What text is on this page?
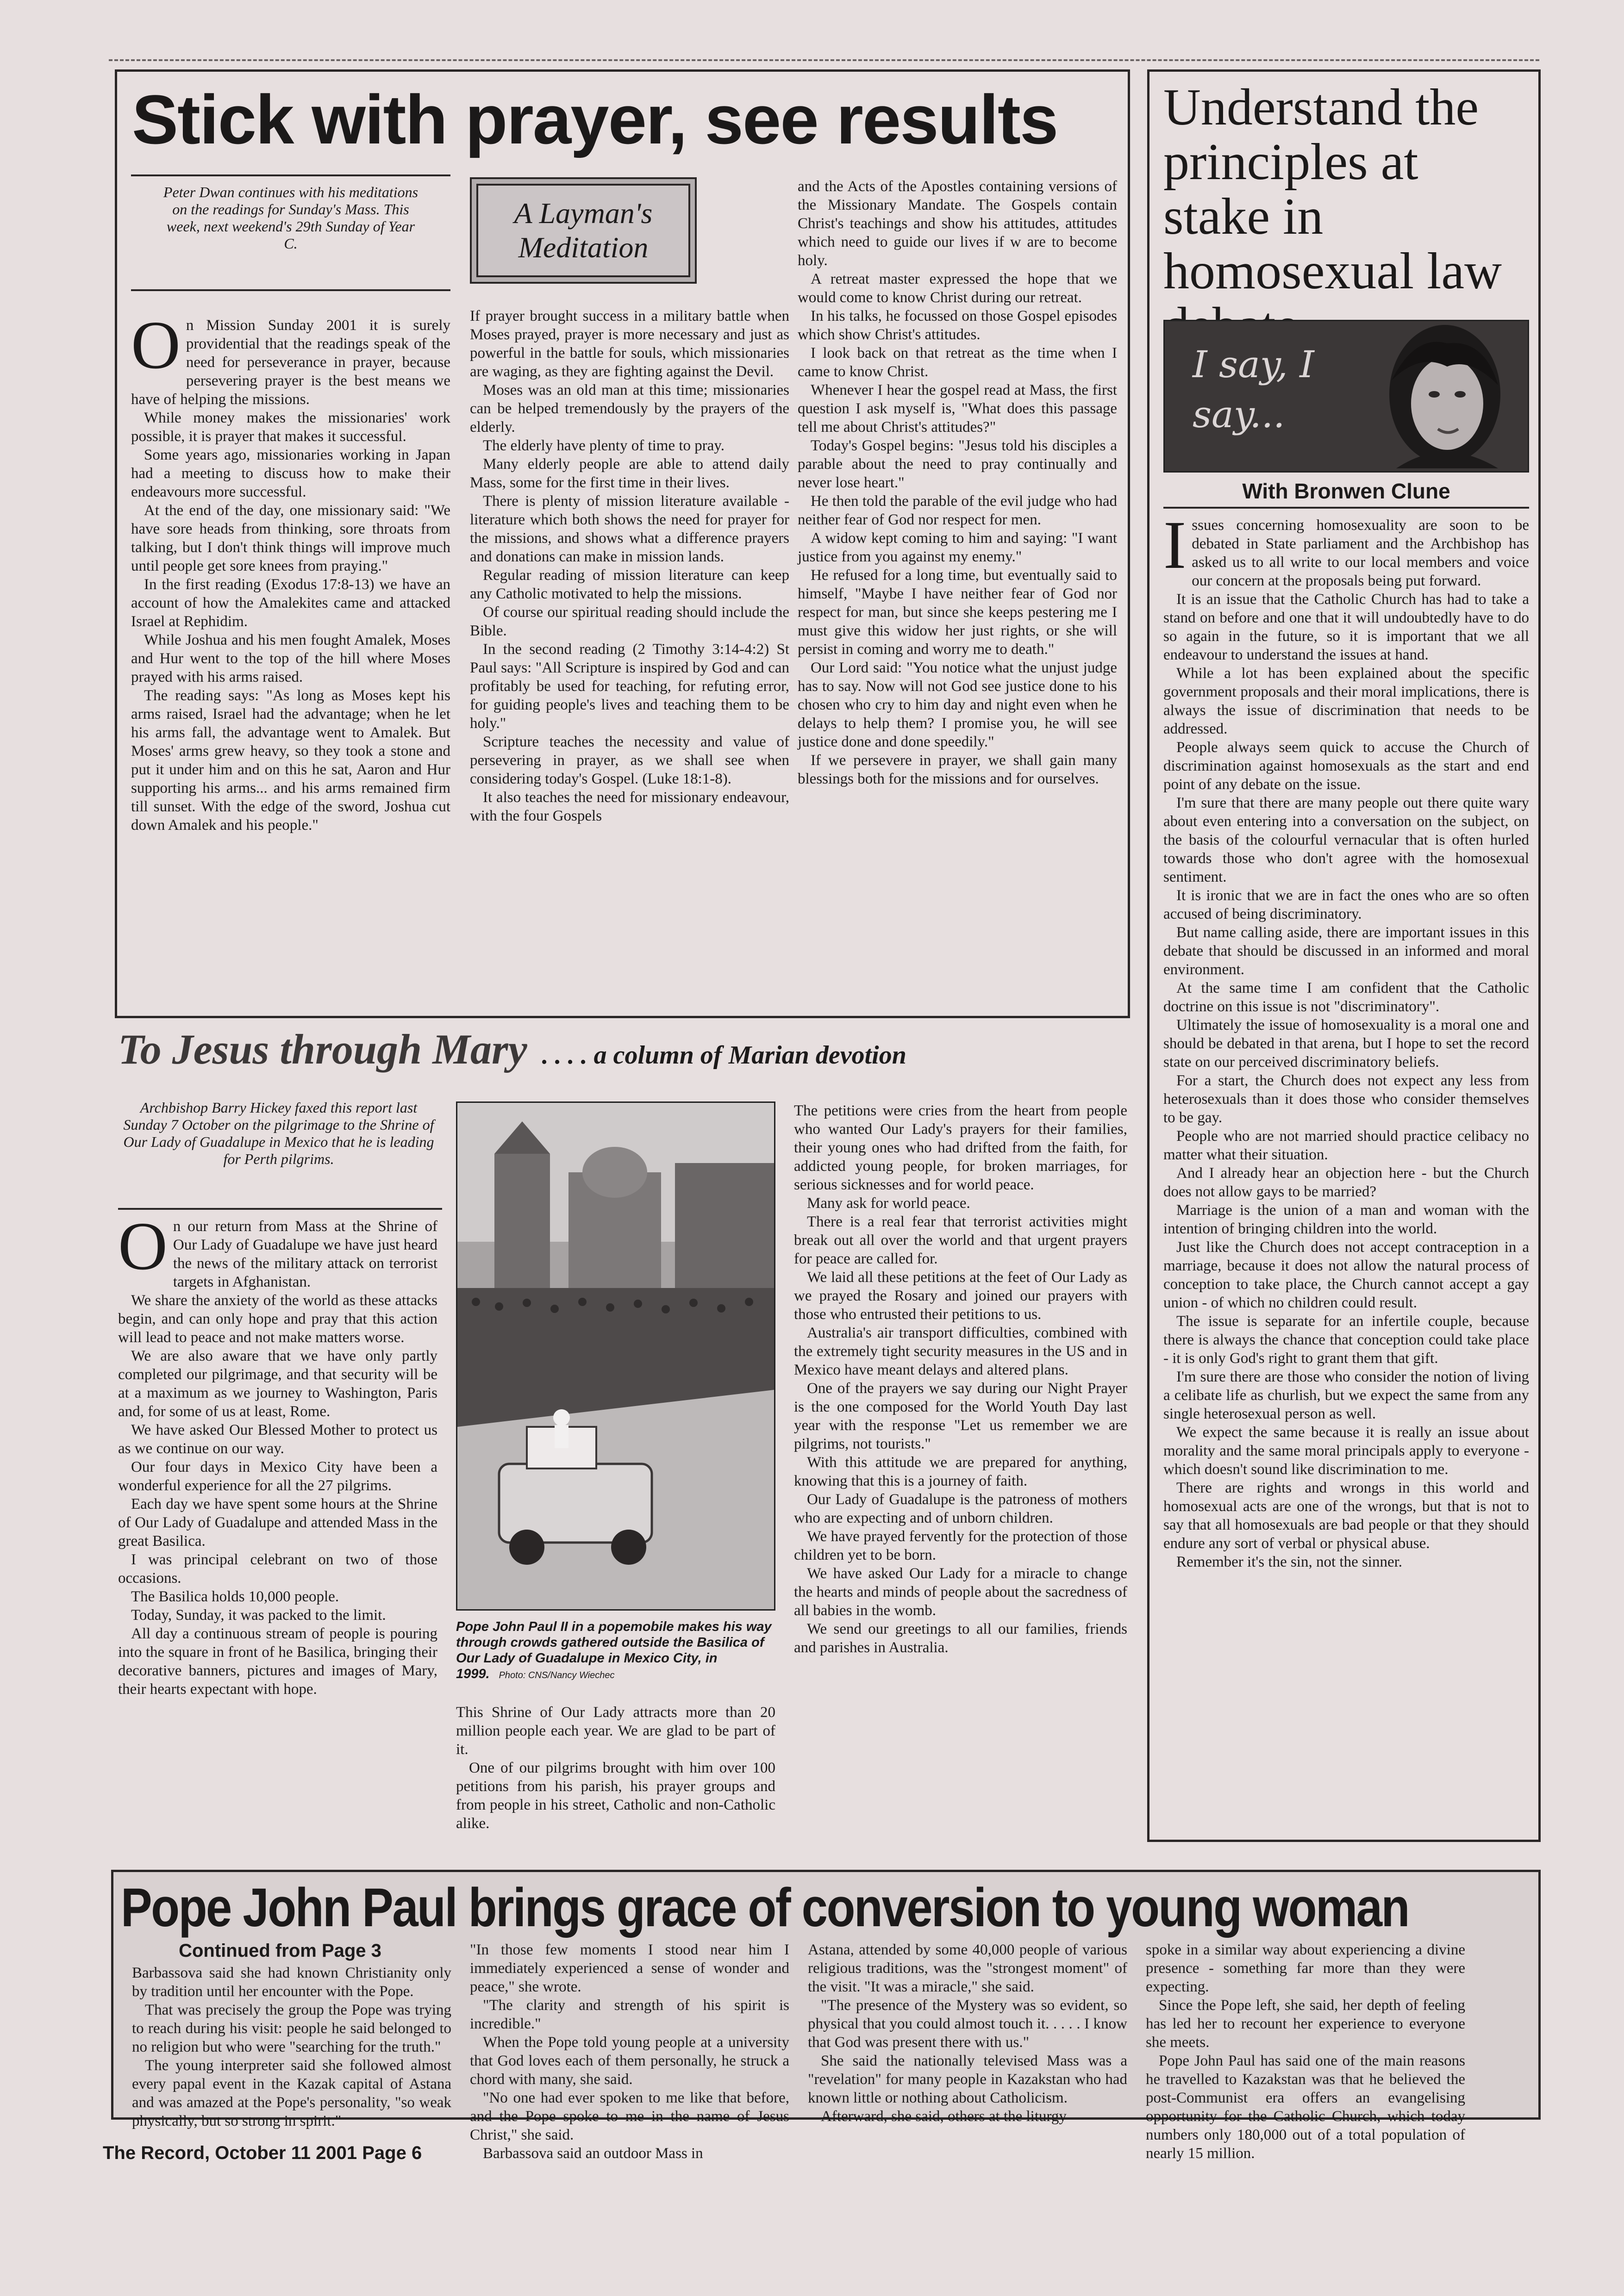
Stick with prayer, see results
Peter Dwan continues with his meditations on the readings for Sunday's Mass. This week, next weekend's 29th Sunday of Year C.
A Layman's Meditation
O n Mission Sunday 2001 it is surely providential that the readings speak of the need for perseverance in prayer, because persevering prayer is the best means we have of helping the missions.

While money makes the missionaries' work possible, it is prayer that makes it successful.

Some years ago, missionaries working in Japan had a meeting to discuss how to make their endeavours more successful.

At the end of the day, one missionary said: "We have sore heads from thinking, sore throats from talking, but I don't think things will improve much until people get sore knees from praying."

In the first reading (Exodus 17:8-13) we have an account of how the Amalekites came and attacked Israel at Rephidim.

While Joshua and his men fought Amalek, Moses and Hur went to the top of the hill where Moses prayed with his arms raised.

The reading says: "As long as Moses kept his arms raised, Israel had the advantage; when he let his arms fall, the advantage went to Amalek. But Moses' arms grew heavy, so they took a stone and put it under him and on this he sat, Aaron and Hur supporting his arms... and his arms remained firm till sunset. With the edge of the sword, Joshua cut down Amalek and his people."

If prayer brought success in a military battle when Moses prayed, prayer is more necessary and just as powerful in the battle for souls, which missionaries are waging, as they are fighting against the Devil.

Moses was an old man at this time; missionaries can be helped tremendously by the prayers of the elderly.

The elderly have plenty of time to pray.

Many elderly people are able to attend daily Mass, some for the first time in their lives.

There is plenty of mission literature available - literature which both shows the need for prayer for the missions, and shows what a difference prayers and donations can make in mission lands.

Regular reading of mission literature can keep any Catholic motivated to help the missions.

Of course our spiritual reading should include the Bible.

In the second reading (2 Timothy 3:14-4:2) St Paul says: "All Scripture is inspired by God and can profitably be used for teaching, for refuting error, for guiding people's lives and teaching them to be holy."

Scripture teaches the necessity and value of persevering in prayer, as we shall see when considering today's Gospel. (Luke 18:1-8).

It also teaches the need for missionary endeavour, with the four Gospels

and the Acts of the Apostles containing versions of the Missionary Mandate. The Gospels contain Christ's teachings and show his attitudes, attitudes which need to guide our lives if w are to become holy.

A retreat master expressed the hope that we would come to know Christ during our retreat.

In his talks, he focussed on those Gospel episodes which show Christ's attitudes.

I look back on that retreat as the time when I came to know Christ.

Whenever I hear the gospel read at Mass, the first question I ask myself is, "What does this passage tell me about Christ's attitudes?"

Today's Gospel begins: "Jesus told his disciples a parable about the need to pray continually and never lose heart."

He then told the parable of the evil judge who had neither fear of God nor respect for men.

A widow kept coming to him and saying: "I want justice from you against my enemy."

He refused for a long time, but eventually said to himself, "Maybe I have neither fear of God nor respect for man, but since she keeps pestering me I must give this widow her just rights, or she will persist in coming and worry me to death."

Our Lord said: "You notice what the unjust judge has to say. Now will not God see justice done to his chosen who cry to him day and night even when he delays to help them? I promise you, he will see justice done and done speedily."

If we persevere in prayer, we shall gain many blessings both for the missions and for ourselves.

Understand the principles at stake in homosexual law
I say, I say...
With Bronwen Clune
I ssues concerning homosexuality are soon to be debated in State parliament and the Archbishop has asked us to all write to our local members and voice our concern at the proposals being put forward.

It is an issue that the Catholic Church has had to take a stand on before and one that it will undoubtedly have to do so again in the future, so it is important that we all endeavour to understand the issues at hand.

While a lot has been explained about the specific government proposals and their moral implications, there is always the issue of discrimination that needs to be addressed.

People always seem quick to accuse the Church of discrimination against homosexuals as the start and end point of any debate on the issue.

I'm sure that there are many people out there quite wary about even entering into a conversation on the subject, on the basis of the colourful vernacular that is often hurled towards those who don't agree with the homosexual sentiment.

It is ironic that we are in fact the ones who are so often accused of being discriminatory.

But name calling aside, there are important issues in this debate that should be discussed in an informed and moral environment.

At the same time I am confident that the Catholic doctrine on this issue is not "discriminatory".

Ultimately the issue of homosexuality is a moral one and should be debated in that arena, but I hope to set the record state on our perceived discriminatory beliefs.

For a start, the Church does not expect any less from heterosexuals than it does those who consider themselves to be gay.

People who are not married should practice celibacy no matter what their situation.

And I already hear an objection here - but the Church does not allow gays to be married?

Marriage is the union of a man and woman with the intention of bringing children into the world.

Just like the Church does not accept contraception in a marriage, because it does not allow the natural process of conception to take place, the Church cannot accept a gay union - of which no children could result.

The issue is separate for an infertile couple, because there is always the chance that conception could take place - it is only God's right to grant them that gift.

I'm sure there are those who consider the notion of living a celibate life as churlish, but we expect the same from any single heterosexual person as well.

We expect the same because it is really an issue about morality and the same moral principals apply to everyone - which doesn't sound like discrimination to me.

There are rights and wrongs in this world and homosexual acts are one of the wrongs, but that is not to say that all homosexuals are bad people or that they should endure any sort of verbal or physical abuse.

Remember it's the sin, not the sinner.

To Jesus through Mary . . . . a column of Marian devotion
Archbishop Barry Hickey faxed this report last Sunday 7 October on the pilgrimage to the Shrine of Our Lady of Guadalupe in Mexico that he is leading for Perth pilgrims.
O n our return from Mass at the Shrine of Our Lady of Guadalupe we have just heard the news of the military attack on terrorist targets in Afghanistan.

We share the anxiety of the world as these attacks begin, and can only hope and pray that this action will lead to peace and not make matters worse.

We are also aware that we have only partly completed our pilgrimage, and that security will be at a maximum as we journey to Washington, Paris and, for some of us at least, Rome.

We have asked Our Blessed Mother to protect us as we continue on our way.

Our four days in Mexico City have been a wonderful experience for all the 27 pilgrims.

Each day we have spent some hours at the Shrine of Our Lady of Guadalupe and attended Mass in the great Basilica.

I was principal celebrant on two of those occasions.

The Basilica holds 10,000 people.

Today, Sunday, it was packed to the limit.

All day a continuous stream of people is pouring into the square in front of he Basilica, bringing their decorative banners, pictures and images of Mary, their hearts expectant with hope.

Pope John Paul II in a popemobile makes his way through crowds gathered outside the Basilica of Our Lady of Guadalupe in Mexico City, in 1999. Photo: CNS/Nancy Wiechec

This Shrine of Our Lady attracts more than 20 million people each year. We are glad to be part of it.

One of our pilgrims brought with him over 100 petitions from his parish, his prayer groups and from people in his street, Catholic and non-Catholic alike.

The petitions were cries from the heart from people who wanted Our Lady's prayers for their families, their young ones who had drifted from the faith, for addicted young people, for broken marriages, for serious sicknesses and for world peace.

Many ask for world peace.

There is a real fear that terrorist activities might break out all over the world and that urgent prayers for peace are called for.

We laid all these petitions at the feet of Our Lady as we prayed the Rosary and joined our prayers with those who entrusted their petitions to us.

Australia's air transport difficulties, combined with the extremely tight security measures in the US and in Mexico have meant delays and altered plans.

One of the prayers we say during our Night Prayer is the one composed for the World Youth Day last year with the response "Let us remember we are pilgrims, not tourists."

With this attitude we are prepared for anything, knowing that this is a journey of faith.

Our Lady of Guadalupe is the patroness of mothers who are expecting and of unborn children.

We have prayed fervently for the protection of those children yet to be born.

We have asked Our Lady for a miracle to change the hearts and minds of people about the sacredness of all babies in the womb.

We send our greetings to all our families, friends and parishes in Australia.

Pope John Paul brings grace of conversion to young woman
Continued from Page 3

Barbassova said she had known Christianity only by tradition until her encounter with the Pope.

That was precisely the group the Pope was trying to reach during his visit: people he said belonged to no religion but who were "searching for the truth."

The young interpreter said she followed almost every papal event in the Kazak capital of Astana and was amazed at the Pope's personality, "so weak physically, but so strong in spirit."

"In those few moments I stood near him I immediately experienced a sense of wonder and peace," she wrote.

"The clarity and strength of his spirit is incredible."

When the Pope told young people at a university that God loves each of them personally, he struck a chord with many, she said.

"No one had ever spoken to me like that before, and the Pope spoke to me in the name of Jesus Christ," she said.

Barbassova said an outdoor Mass in

Astana, attended by some 40,000 people of various religious traditions, was the "strongest moment" of the visit. "It was a miracle," she said.

"The presence of the Mystery was so evident, so physical that you could almost touch it. . . . . I know that God was present there with us."

She said the nationally televised Mass was a "revelation" for many people in Kazakstan who had known little or nothing about Catholicism.

Afterward, she said, others at the liturgy

spoke in a similar way about experiencing a divine presence - something far more than they were expecting.

Since the Pope left, she said, her depth of feeling has led her to recount her experience to everyone she meets.

Pope John Paul has said one of the main reasons he travelled to Kazakstan was that he believed the post-Communist era offers an evangelising opportunity for the Catholic Church, which today numbers only 180,000 out of a total population of nearly 15 million.

The Record, October 11 2001 Page 6
